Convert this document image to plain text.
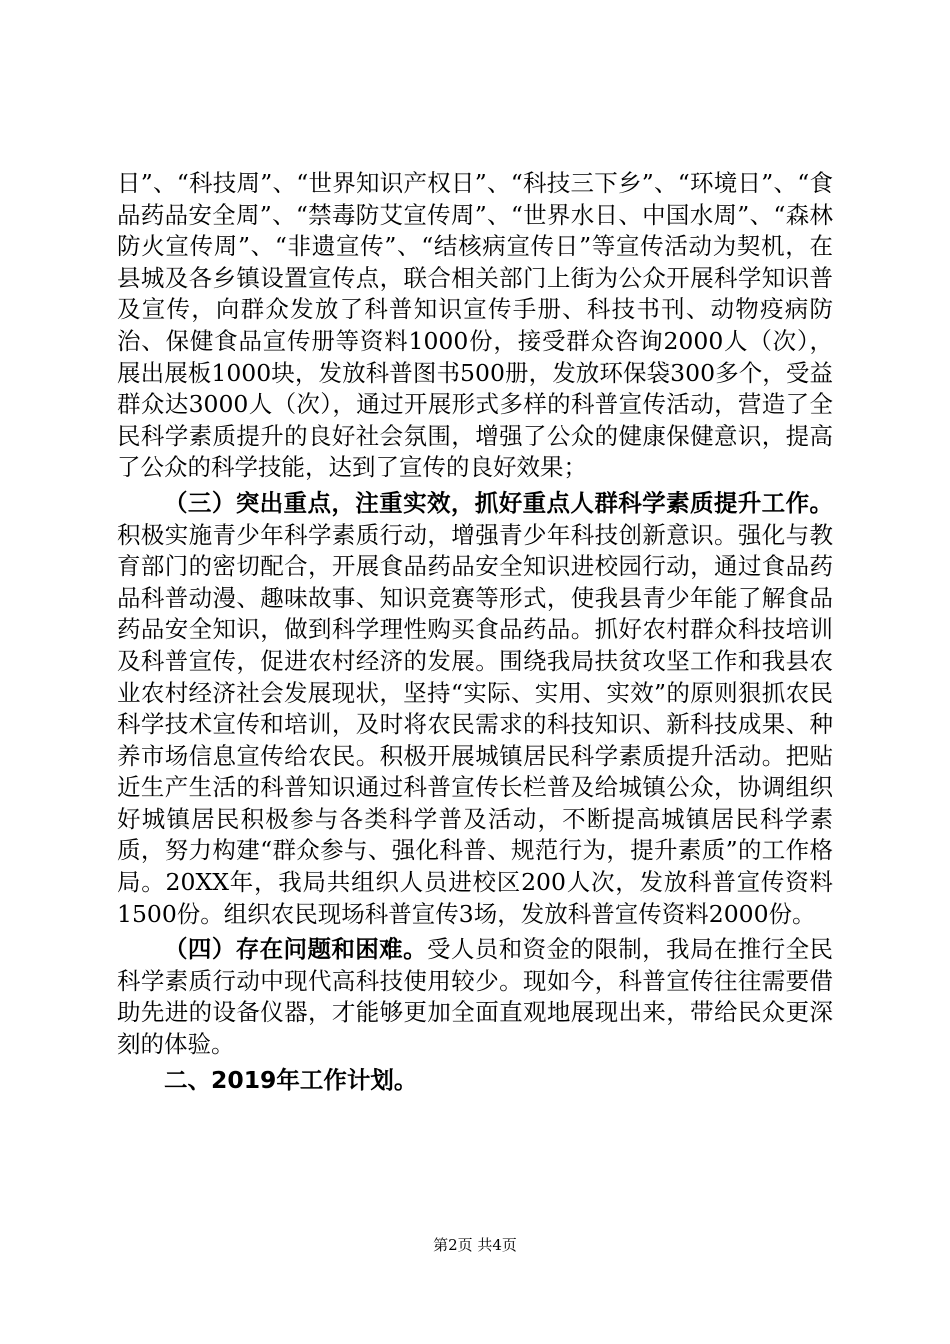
日”、“科技周”、“世界知识产权日”、“科技三下乡”、“环境日”、“食品药品安全周”、“禁毒防艾宣传周”、“世界水日、中国水周”、“森林防火宣传周”、“非遗宣传”、“结核病宣传日”等宣传活动为契机，在县城及各乡镇设置宣传点，联合相关部门上街为公众开展科学知识普及宣传，向群众发放了科普知识宣传手册、科技书刊、动物疫病防治、保健食品宣传册等资料1000份，接受群众咨询2000人（次），展出展板1000块，发放科普图书500册，发放环保袋300多个，受益群众达3000人（次），通过开展形式多样的科普宣传活动，营造了全民科学素质提升的良好社会氛围，增强了公众的健康保健意识，提高了公众的科学技能，达到了宣传的良好效果；

（三）突出重点，注重实效，抓好重点人群科学素质提升工作。积极实施青少年科学素质行动，增强青少年科技创新意识。强化与教育部门的密切配合，开展食品药品安全知识进校园行动，通过食品药品科普动漫、趣味故事、知识竞赛等形式，使我县青少年能了解食品药品安全知识，做到科学理性购买食品药品。抓好农村群众科技培训及科普宣传，促进农村经济的发展。围绕我局扶贫攻坚工作和我县农业农村经济社会发展现状，坚持“实际、实用、实效”的原则狠抓农民科学技术宣传和培训，及时将农民需求的科技知识、新科技成果、种养市场信息宣传给农民。积极开展城镇居民科学素质提升活动。把贴近生产生活的科普知识通过科普宣传长栏普及给城镇公众，协调组织好城镇居民积极参与各类科学普及活动，不断提高城镇居民科学素质，努力构建“群众参与、强化科普、规范行为，提升素质”的工作格局。20XX年，我局共组织人员进校区200人次，发放科普宣传资料1500份。组织农民现场科普宣传3场，发放科普宣传资料2000份。

（四）存在问题和困难。受人员和资金的限制，我局在推行全民科学素质行动中现代高科技使用较少。现如今，科普宣传往往需要借助先进的设备仪器，才能够更加全面直观地展现出来，带给民众更深刻的体验。

二、2019年工作计划。

第2页 共4页
